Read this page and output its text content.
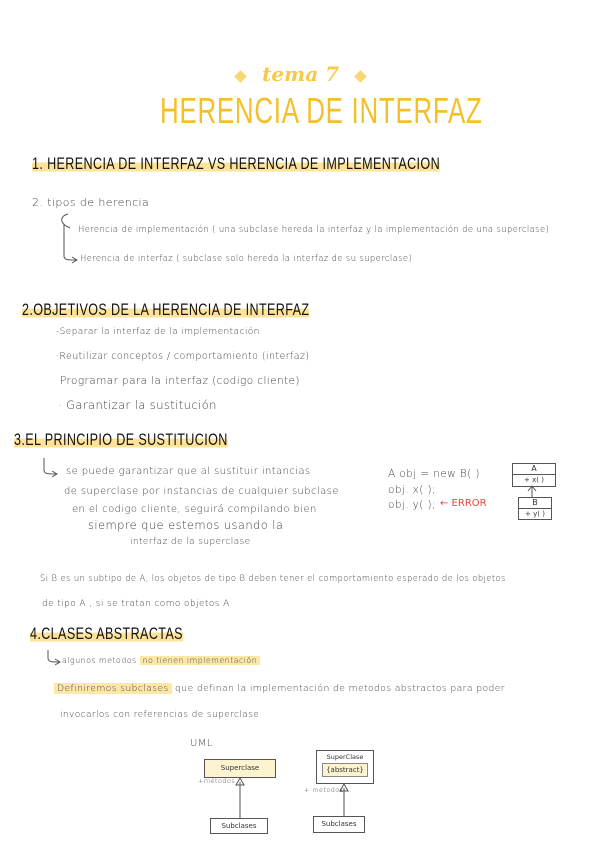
tema 7
HERENCIA DE INTERFAZ
1. HERENCIA DE INTERFAZ VS HERENCIA DE IMPLEMENTACION
2. tipos de herencia
Herencia de implementación ( una subclase hereda la interfaz y la implementación de una superclase)
Herencia de interfaz ( subclase solo hereda la interfaz de su superclase)
2.OBJETIVOS DE LA HERENCIA DE INTERFAZ
-Separar la interfaz de la implementación
·Reutilizar conceptos / comportamiento (interfaz)
Programar para la interfaz (codigo cliente)
· Garantizar la sustitución
3.EL PRINCIPIO DE SUSTITUCION
se puede garantizar que al sustituir intancias
de superclase por instancias de cualquier subclase
en el codigo cliente, seguirá compilando bien
siempre que estemos usando la
interfaz de la superclase
A obj = new B( )
obj. x( );
obj. y( ); ← ERROR
A
+ x( )
B
+ y( )
Si B es un subtipo de A, los objetos de tipo B deben tener el comportamiento esperado de los objetos
de tipo A , si se tratan como objetos A
4.CLASES ABSTRACTAS
algunos metodos no tienen implementación
Definiremos subclases que definan la implementación de metodos abstractos para poder
invocarlos con referencias de superclase
UML
Superclase
+métodos
Subclases
SuperClase
{abstract}
+ metodos
Subclases
